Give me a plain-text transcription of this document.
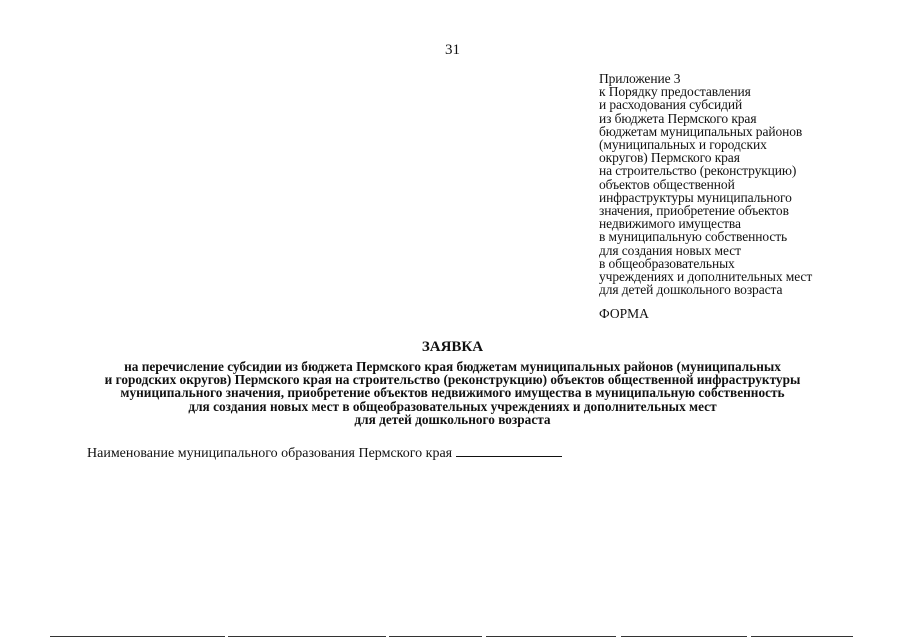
31
Приложение 3
к Порядку предоставления
и расходования субсидий
из бюджета Пермского края
бюджетам муниципальных районов
(муниципальных и городских
округов) Пермского края
на строительство (реконструкцию)
объектов общественной
инфраструктуры муниципального
значения, приобретение объектов
недвижимого имущества
в муниципальную собственность
для создания новых мест
в общеобразовательных
учреждениях и дополнительных мест
для детей дошкольного возраста
ФОРМА
ЗАЯВКА
на перечисление субсидии из бюджета Пермского края бюджетам муниципальных районов (муниципальных
и городских округов) Пермского края на строительство (реконструкцию) объектов общественной инфраструктуры
муниципального значения, приобретение объектов недвижимого имущества в муниципальную собственность
для создания новых мест в общеобразовательных учреждениях и дополнительных мест
для детей дошкольного возраста
Наименование муниципального образования Пермского края
